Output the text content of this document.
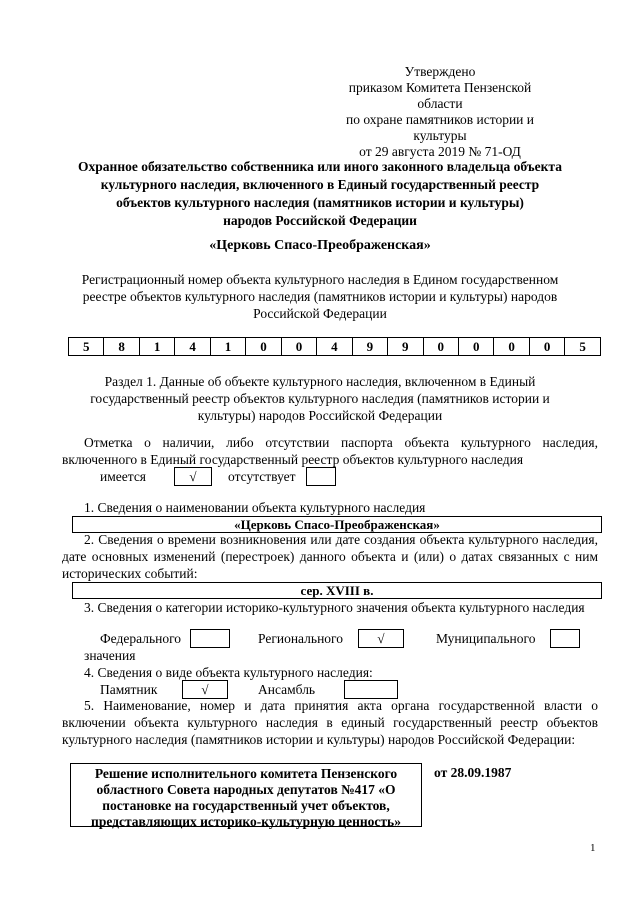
Утверждено
приказом Комитета Пензенской области
по охране памятников истории и
культуры
от 29 августа 2019 № 71-ОД
Охранное обязательство собственника или иного законного владельца объекта
культурного наследия, включенного в Единый государственный реестр
объектов культурного наследия (памятников истории и культуры)
народов Российской Федерации
«Церковь Спасо-Преображенская»
Регистрационный номер объекта культурного наследия в Едином государственном
реестре объектов культурного наследия (памятников истории и культуры) народов
Российской Федерации
5	8	1	4	1	0	0	4	9	9	0	0	0	0	5
Раздел 1. Данные об объекте культурного наследия, включенном в Единый
государственный реестр объектов культурного наследия (памятников истории и
культуры) народов Российской Федерации
Отметка о наличии, либо отсутствии паспорта объекта культурного наследия, включенного в Единый государственный реестр объектов культурного наследия
имеется	√	отсутствует
1. Сведения о наименовании объекта культурного наследия
«Церковь Спасо-Преображенская»
2. Сведения о времени возникновения или дате создания объекта культурного наследия, дате основных изменений (перестроек) данного объекта и (или) о датах связанных с ним исторических событий:
сер. XVIII в.
3. Сведения о категории историко-культурного значения объекта культурного наследия
Федерального	Регионального	√	Муниципального
значения
4. Сведения о виде объекта культурного наследия:
Памятник	√	Ансамбль
5. Наименование, номер и дата принятия акта органа государственной власти о включении объекта культурного наследия в единый государственный реестр объектов культурного наследия (памятников истории и культуры) народов Российской Федерации:
Решение исполнительного комитета Пензенского
областного Совета народных депутатов №417 «О
постановке на государственный учет объектов,
представляющих историко-культурную ценность»
от 28.09.1987
1
